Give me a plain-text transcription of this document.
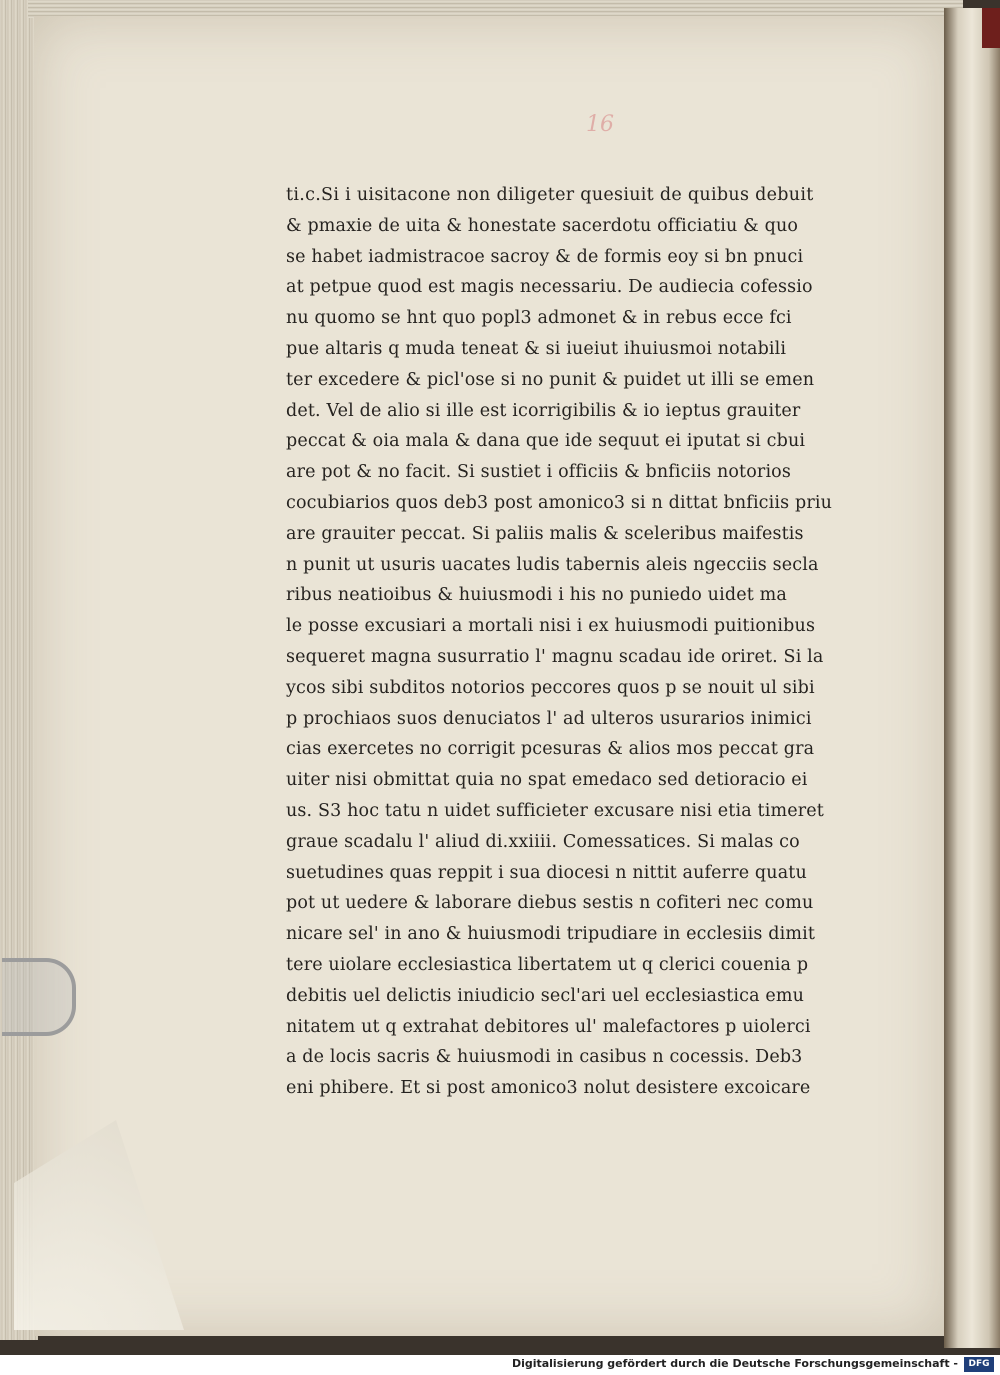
16
ti.c.Si i uisitacone non diligeter quesiuit de quibus debuit
& pmaxie de uita & honestate sacerdotu officiatiu & quo
se habet iadmistracoe sacroy & de formis eoy si bn pnuci
at petpue quod est magis necessariu. De audiecia cofessio
nu quomo se hnt quo popl3 admonet & in rebus ecce fci
pue altaris q muda teneat & si iueiut ihuiusmoi notabili
ter excedere & picl'ose si no punit & puidet ut illi se emen
det. Vel de alio si ille est icorrigibilis & io ieptus grauiter
peccat & oia mala & dana que ide sequut ei iputat si cbui
are pot & no facit. Si sustiet i officiis & bnficiis notorios
cocubiarios quos deb3 post amonico3 si n dittat bnficiis priu
are grauiter peccat. Si paliis malis & sceleribus maifestis
n punit ut usuris uacates ludis tabernis aleis ngecciis secla
ribus neatioibus & huiusmodi i his no puniedo uidet ma
le posse excusiari a mortali nisi i ex huiusmodi puitionibus
sequeret magna susurratio l' magnu scadau ide oriret. Si la
ycos sibi subditos notorios peccores quos p se nouit ul sibi
p prochiaos suos denuciatos l' ad ulteros usurarios inimici
cias exercetes no corrigit pcesuras & alios mos peccat gra
uiter nisi obmittat quia no spat emedaco sed detioracio ei
us. S3 hoc tatu n uidet sufficieter excusare nisi etia timeret
graue scadalu l' aliud di.xxiiii. Comessatices. Si malas co
suetudines quas reppit i sua diocesi n nittit auferre quatu
pot ut uedere & laborare diebus sestis n cofiteri nec comu
nicare sel' in ano & huiusmodi tripudiare in ecclesiis dimit
tere uiolare ecclesiastica libertatem ut q clerici couenia p
debitis uel delictis iniudicio secl'ari uel ecclesiastica emu
nitatem ut q extrahat debitores ul' malefactores p uiolerci
a de locis sacris & huiusmodi in casibus n cocessis. Deb3
eni phibere. Et si post amonico3 nolut desistere excoicare
Digitalisierung gefördert durch die Deutsche Forschungsgemeinschaft -	DFG
